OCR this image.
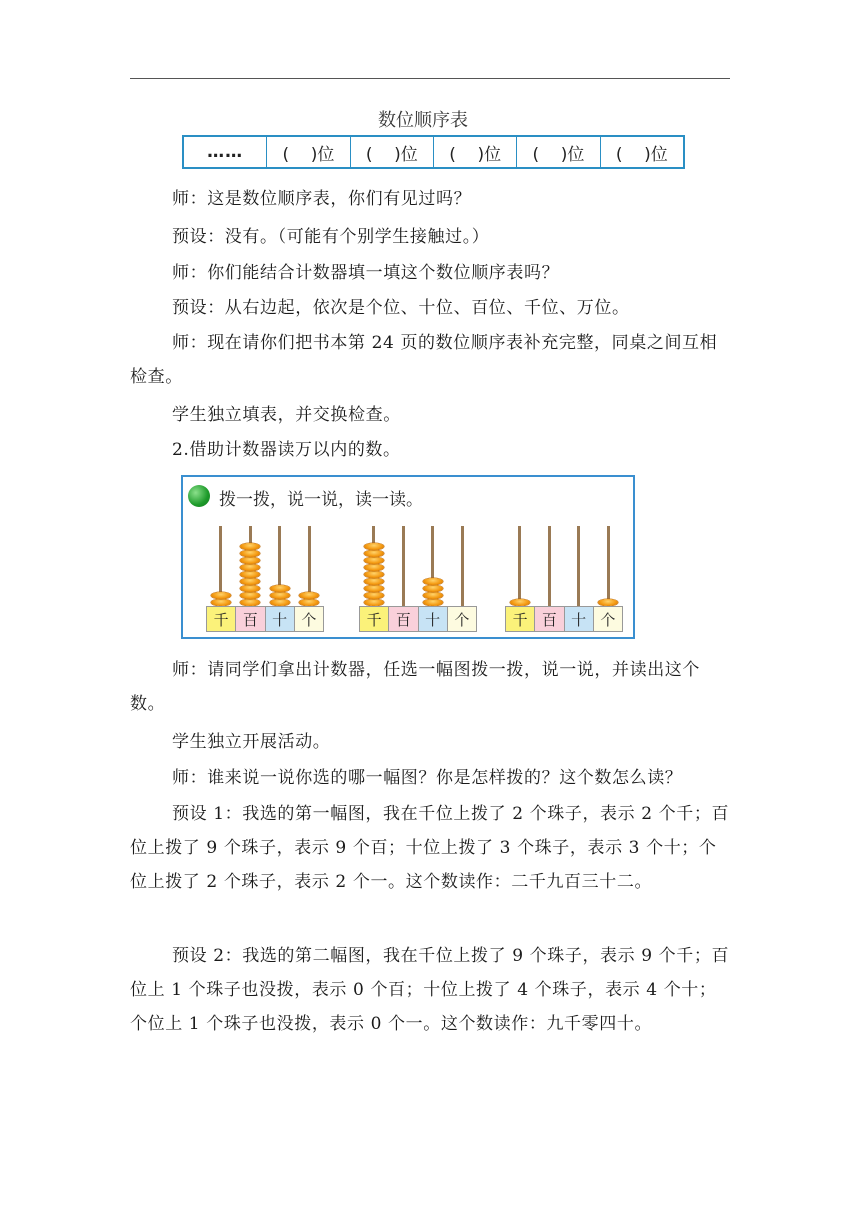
数位顺序表
……	(    )位	(    )位	(    )位	(    )位	(    )位

师：这是数位顺序表，你们有见过吗？

预设：没有。（可能有个别学生接触过。）

师：你们能结合计数器填一填这个数位顺序表吗？

预设：从右边起，依次是个位、十位、百位、千位、万位。

师：现在请你们把书本第 24 页的数位顺序表补充完整，同桌之间互相检查。

学生独立填表，并交换检查。

2.借助计数器读万以内的数。

拨一拨，说一说，读一读。
千 百 十 个	千 百 十 个	千 百 十 个

师：请同学们拿出计数器，任选一幅图拨一拨，说一说，并读出这个数。

学生独立开展活动。

师：谁来说一说你选的哪一幅图？你是怎样拨的？这个数怎么读？

预设 1：我选的第一幅图，我在千位上拨了 2 个珠子，表示 2 个千；百位上拨了 9 个珠子，表示 9 个百；十位上拨了 3 个珠子，表示 3 个十；个位上拨了 2 个珠子，表示 2 个一。这个数读作：二千九百三十二。

预设 2：我选的第二幅图，我在千位上拨了 9 个珠子，表示 9 个千；百位上 1 个珠子也没拨，表示 0 个百；十位上拨了 4 个珠子，表示 4 个十；个位上 1 个珠子也没拨，表示 0 个一。这个数读作：九千零四十。
